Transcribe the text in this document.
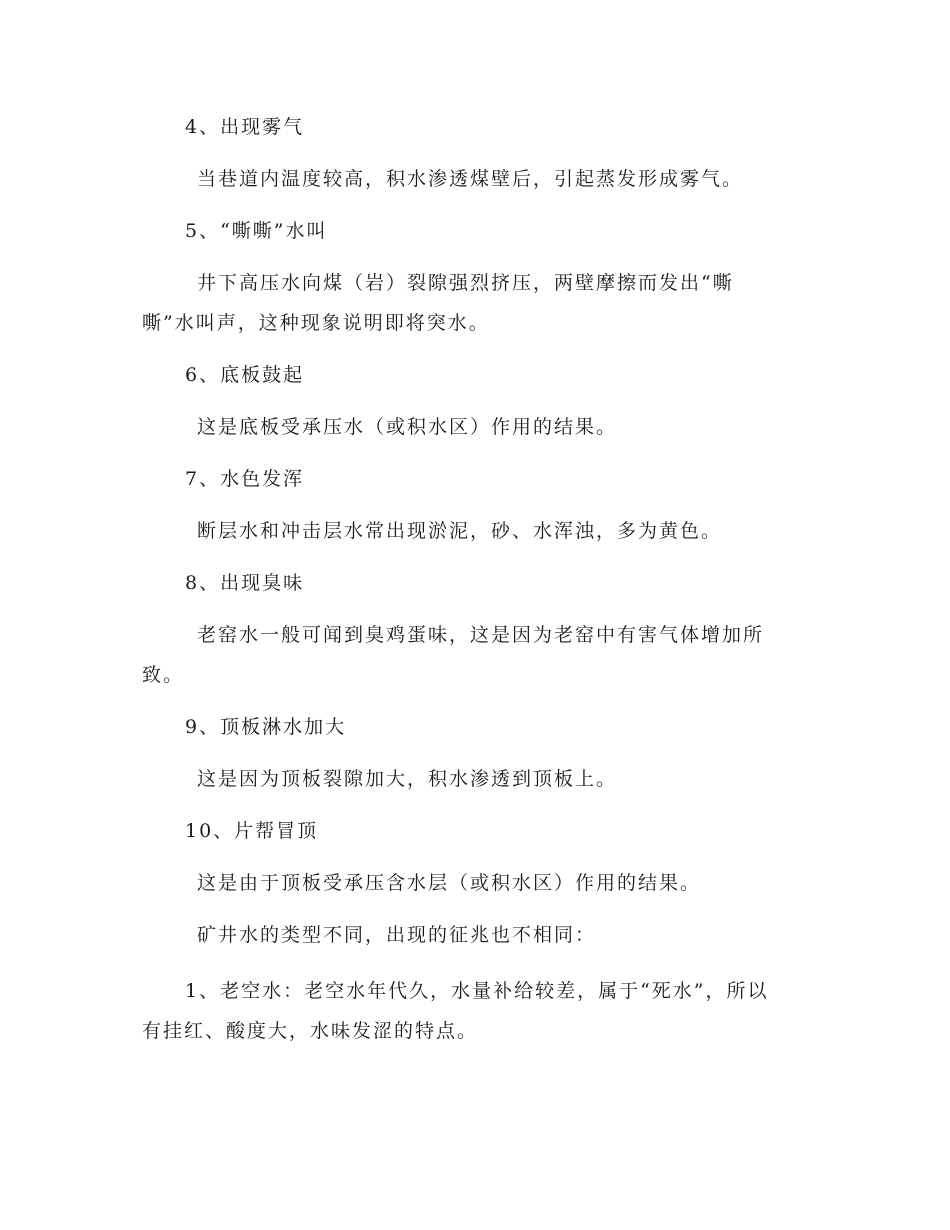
4、出现雾气

当巷道内温度较高，积水渗透煤壁后，引起蒸发形成雾气。

5、“嘶嘶”水叫

井下高压水向煤（岩）裂隙强烈挤压，两壁摩擦而发出“嘶

嘶”水叫声，这种现象说明即将突水。

6、底板鼓起

这是底板受承压水（或积水区）作用的结果。

7、水色发浑

断层水和冲击层水常出现淤泥，砂、水浑浊，多为黄色。

8、出现臭味

老窑水一般可闻到臭鸡蛋味，这是因为老窑中有害气体增加所

致。

9、顶板淋水加大

这是因为顶板裂隙加大，积水渗透到顶板上。

10、片帮冒顶

这是由于顶板受承压含水层（或积水区）作用的结果。

矿井水的类型不同，出现的征兆也不相同：

1、老空水：老空水年代久，水量补给较差，属于“死水”，所以

有挂红、酸度大，水味发涩的特点。
